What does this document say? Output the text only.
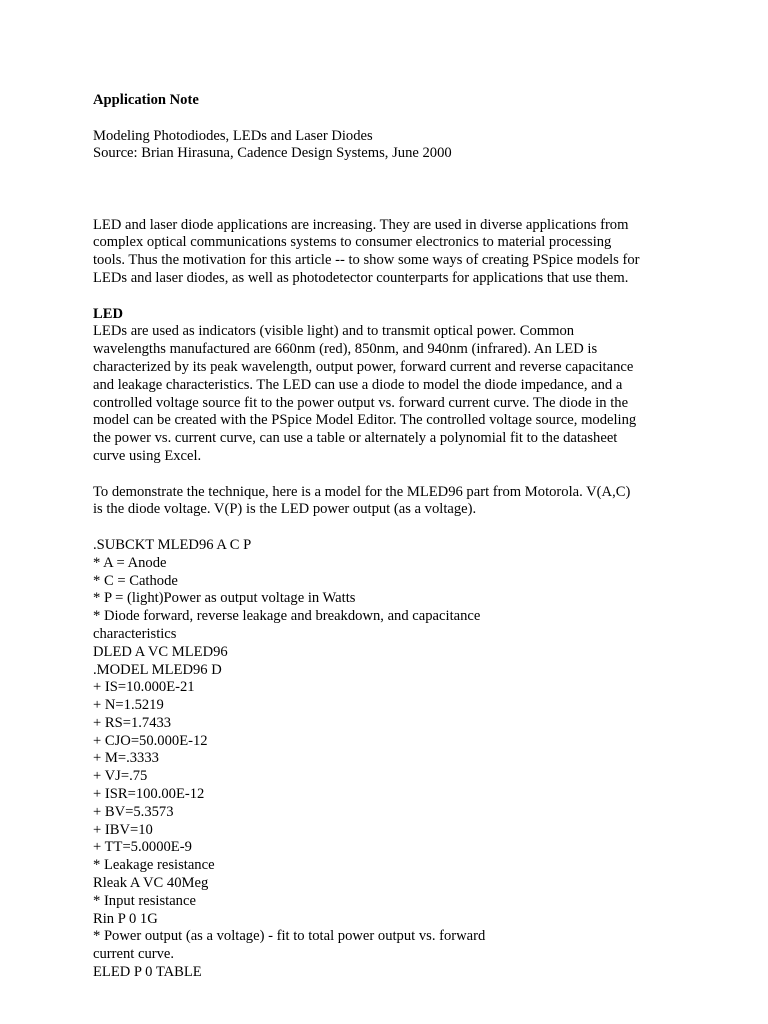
Application Note
Modeling Photodiodes, LEDs and Laser Diodes
Source: Brian Hirasuna, Cadence Design Systems, June 2000
LED and laser diode applications are increasing. They are used in diverse applications from
complex optical communications systems to consumer electronics to material processing
tools. Thus the motivation for this article -- to show some ways of creating PSpice models for
LEDs and laser diodes, as well as photodetector counterparts for applications that use them.
LED
LEDs are used as indicators (visible light) and to transmit optical power. Common
wavelengths manufactured are 660nm (red), 850nm, and 940nm (infrared). An LED is
characterized by its peak wavelength, output power, forward current and reverse capacitance
and leakage characteristics. The LED can use a diode to model the diode impedance, and a
controlled voltage source fit to the power output vs. forward current curve. The diode in the
model can be created with the PSpice Model Editor. The controlled voltage source, modeling
the power vs. current curve, can use a table or alternately a polynomial fit to the datasheet
curve using Excel.
To demonstrate the technique, here is a model for the MLED96 part from Motorola. V(A,C)
is the diode voltage. V(P) is the LED power output (as a voltage).
.SUBCKT MLED96 A C P
* A = Anode
* C = Cathode
* P = (light)Power as output voltage in Watts
* Diode forward, reverse leakage and breakdown, and capacitance
characteristics
DLED A VC MLED96
.MODEL MLED96 D
+ IS=10.000E-21
+ N=1.5219
+ RS=1.7433
+ CJO=50.000E-12
+ M=.3333
+ VJ=.75
+ ISR=100.00E-12
+ BV=5.3573
+ IBV=10
+ TT=5.0000E-9
* Leakage resistance
Rleak A VC 40Meg
* Input resistance
Rin P 0 1G
* Power output (as a voltage) - fit to total power output vs. forward
current curve.
ELED P 0 TABLE
